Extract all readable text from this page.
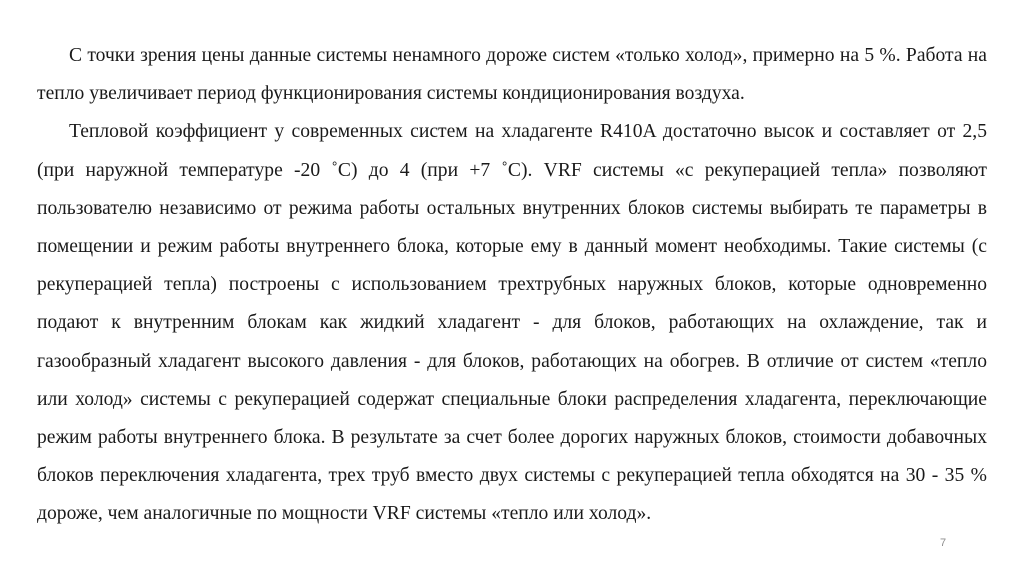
С точки зрения цены данные системы ненамного дороже систем «только холод», примерно на 5 %. Работа на тепло увеличивает период функционирования системы кондиционирования воздуха.

Тепловой коэффициент у современных систем на хладагенте R410A достаточно высок и составляет от 2,5 (при наружной температуре -20 ˚С) до 4 (при +7 ˚С). VRF системы «с рекуперацией тепла» позволяют пользователю независимо от режима работы остальных внутренних блоков системы выбирать те параметры в помещении и режим работы внутреннего блока, которые ему в данный момент необходимы. Такие системы (с рекуперацией тепла) построены с использованием трехтрубных наружных блоков, которые одновременно подают к внутренним блокам как жидкий хладагент - для блоков, работающих на охлаждение, так и газообразный хладагент высокого давления - для блоков, работающих на обогрев. В отличие от систем «тепло или холод» системы с рекуперацией содержат специальные блоки распределения хладагента, переключающие режим работы внутреннего блока. В результате за счет более дорогих наружных блоков, стоимости добавочных блоков переключения хладагента, трех труб вместо двух системы с рекуперацией тепла обходятся на 30 - 35 % дороже, чем аналогичные по мощности VRF системы «тепло или холод».

7
